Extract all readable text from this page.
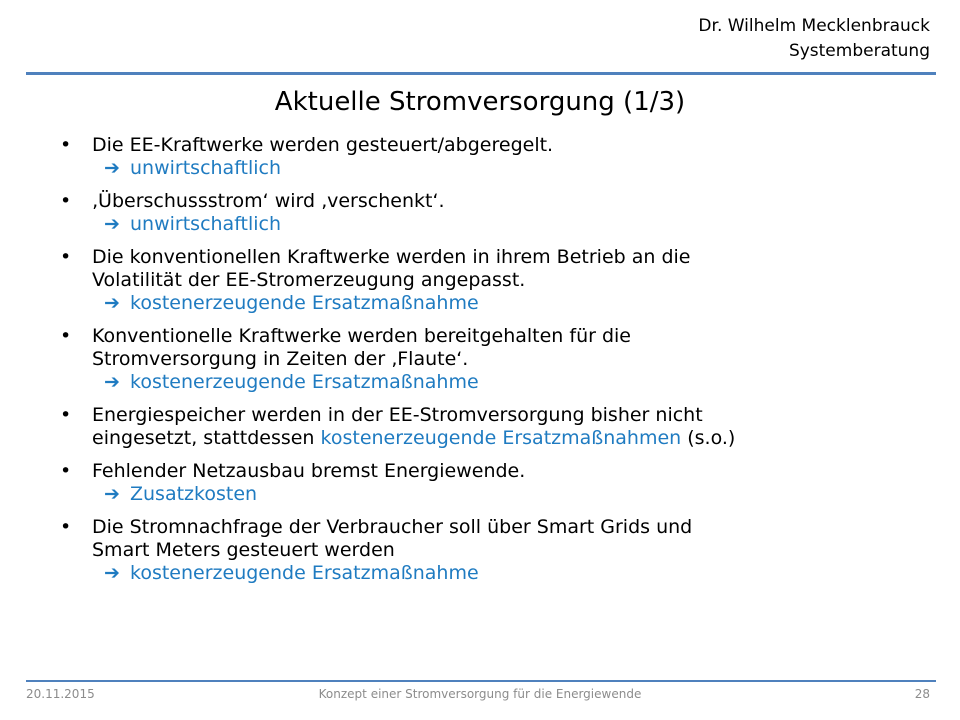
Dr. Wilhelm Mecklenbrauck
Systemberatung
Aktuelle Stromversorgung (1/3)
•	Die EE-Kraftwerke werden gesteuert/abgeregelt.
➔ unwirtschaftlich
•	‚Überschussstrom‘ wird ‚verschenkt‘.
➔ unwirtschaftlich
•	Die konventionellen Kraftwerke werden in ihrem Betrieb an die
Volatilität der EE-Stromerzeugung angepasst.
➔ kostenerzeugende Ersatzmaßnahme
•	Konventionelle Kraftwerke werden bereitgehalten für die
Stromversorgung in Zeiten der ‚Flaute‘.
➔ kostenerzeugende Ersatzmaßnahme
•	Energiespeicher werden in der EE-Stromversorgung bisher nicht
eingesetzt, stattdessen kostenerzeugende Ersatzmaßnahmen (s.o.)
•	Fehlender Netzausbau bremst Energiewende.
➔ Zusatzkosten
•	Die Stromnachfrage der Verbraucher soll über Smart Grids und
Smart Meters gesteuert werden
➔ kostenerzeugende Ersatzmaßnahme
20.11.2015	Konzept einer Stromversorgung für die Energiewende	28
